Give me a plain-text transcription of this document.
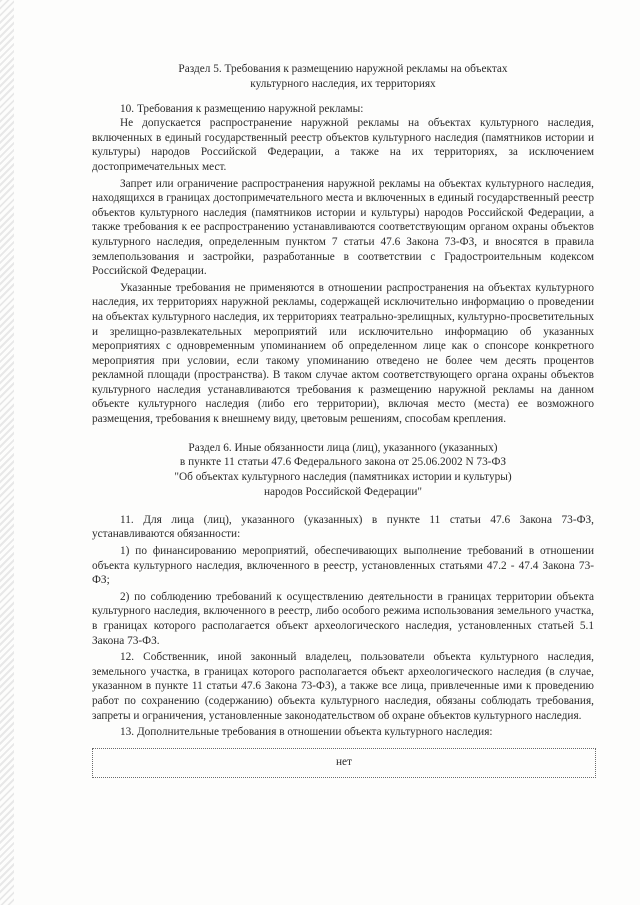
Раздел 5. Требования к размещению наружной рекламы на объектах
культурного наследия, их территориях

10. Требования к размещению наружной рекламы:

Не допускается распространение наружной рекламы на объектах культурного наследия, включенных в единый государственный реестр объектов культурного наследия (памятников истории и культуры) народов Российской Федерации, а также на их территориях, за исключением достопримечательных мест.

Запрет или ограничение распространения наружной рекламы на объектах культурного наследия, находящихся в границах достопримечательного места и включенных в единый государственный реестр объектов культурного наследия (памятников истории и культуры) народов Российской Федерации, а также требования к ее распространению устанавливаются соответствующим органом охраны объектов культурного наследия, определенным пунктом 7 статьи 47.6 Закона 73-ФЗ, и вносятся в правила землепользования и застройки, разработанные в соответствии с Градостроительным кодексом Российской Федерации.

Указанные требования не применяются в отношении распространения на объектах культурного наследия, их территориях наружной рекламы, содержащей исключительно информацию о проведении на объектах культурного наследия, их территориях театрально-зрелищных, культурно-просветительных и зрелищно-развлекательных мероприятий или исключительно информацию об указанных мероприятиях с одновременным упоминанием об определенном лице как о спонсоре конкретного мероприятия при условии, если такому упоминанию отведено не более чем десять процентов рекламной площади (пространства). В таком случае актом соответствующего органа охраны объектов культурного наследия устанавливаются требования к размещению наружной рекламы на данном объекте культурного наследия (либо его территории), включая место (места) ее возможного размещения, требования к внешнему виду, цветовым решениям, способам крепления.

Раздел 6. Иные обязанности лица (лиц), указанного (указанных)
в пункте 11 статьи 47.6 Федерального закона от 25.06.2002 N 73-ФЗ
"Об объектах культурного наследия (памятниках истории и культуры)
народов Российской Федерации"

11. Для лица (лиц), указанного (указанных) в пункте 11 статьи 47.6 Закона 73-ФЗ, устанавливаются обязанности:

1) по финансированию мероприятий, обеспечивающих выполнение требований в отношении объекта культурного наследия, включенного в реестр, установленных статьями 47.2 - 47.4 Закона 73-ФЗ;

2) по соблюдению требований к осуществлению деятельности в границах территории объекта культурного наследия, включенного в реестр, либо особого режима использования земельного участка, в границах которого располагается объект археологического наследия, установленных статьей 5.1 Закона 73-ФЗ.

12. Собственник, иной законный владелец, пользователи объекта культурного наследия, земельного участка, в границах которого располагается объект археологического наследия (в случае, указанном в пункте 11 статьи 47.6 Закона 73-ФЗ), а также все лица, привлеченные ими к проведению работ по сохранению (содержанию) объекта культурного наследия, обязаны соблюдать требования, запреты и ограничения, установленные законодательством об охране объектов культурного наследия.

13. Дополнительные требования в отношении объекта культурного наследия:

нет
